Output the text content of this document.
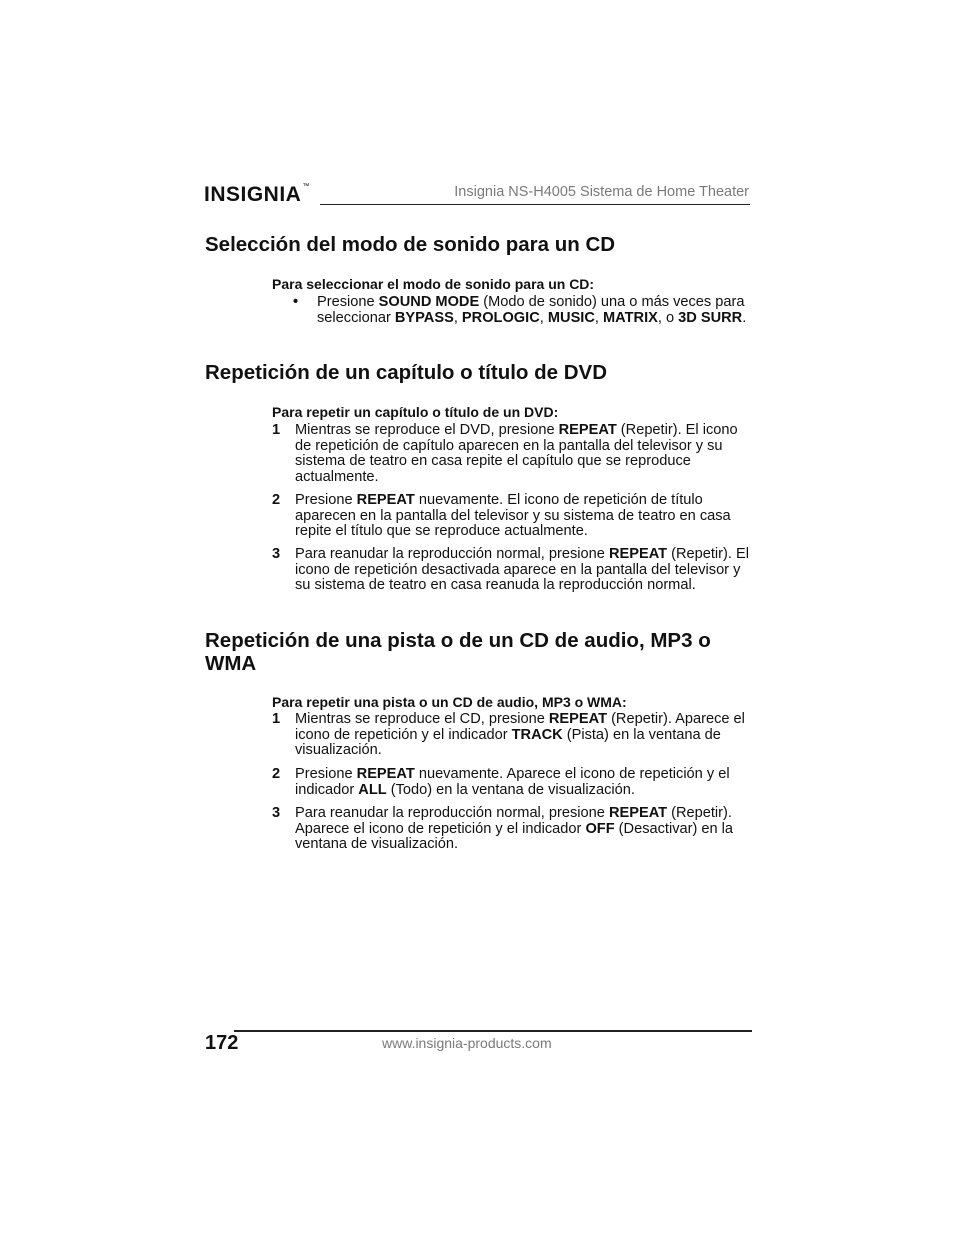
INSIGNIA™	Insignia NS-H4005 Sistema de Home Theater
Selección del modo de sonido para un CD

Para seleccionar el modo de sonido para un CD:

• Presione SOUND MODE (Modo de sonido) una o más veces para seleccionar BYPASS, PROLOGIC, MUSIC, MATRIX, o 3D SURR.
Repetición de un capítulo o título de DVD

Para repetir un capítulo o título de un DVD:

1 Mientras se reproduce el DVD, presione REPEAT (Repetir). El icono de repetición de capítulo aparecen en la pantalla del televisor y su sistema de teatro en casa repite el capítulo que se reproduce actualmente.
2 Presione REPEAT nuevamente. El icono de repetición de título aparecen en la pantalla del televisor y su sistema de teatro en casa repite el título que se reproduce actualmente.
3 Para reanudar la reproducción normal, presione REPEAT (Repetir). El icono de repetición desactivada aparece en la pantalla del televisor y su sistema de teatro en casa reanuda la reproducción normal.
Repetición de una pista o de un CD de audio, MP3 o WMA

Para repetir una pista o un CD de audio, MP3 o WMA:

1 Mientras se reproduce el CD, presione REPEAT (Repetir). Aparece el icono de repetición y el indicador TRACK (Pista) en la ventana de visualización.
2 Presione REPEAT nuevamente. Aparece el icono de repetición y el indicador ALL (Todo) en la ventana de visualización.
3 Para reanudar la reproducción normal, presione REPEAT (Repetir). Aparece el icono de repetición y el indicador OFF (Desactivar) en la ventana de visualización.
172	www.insignia-products.com
